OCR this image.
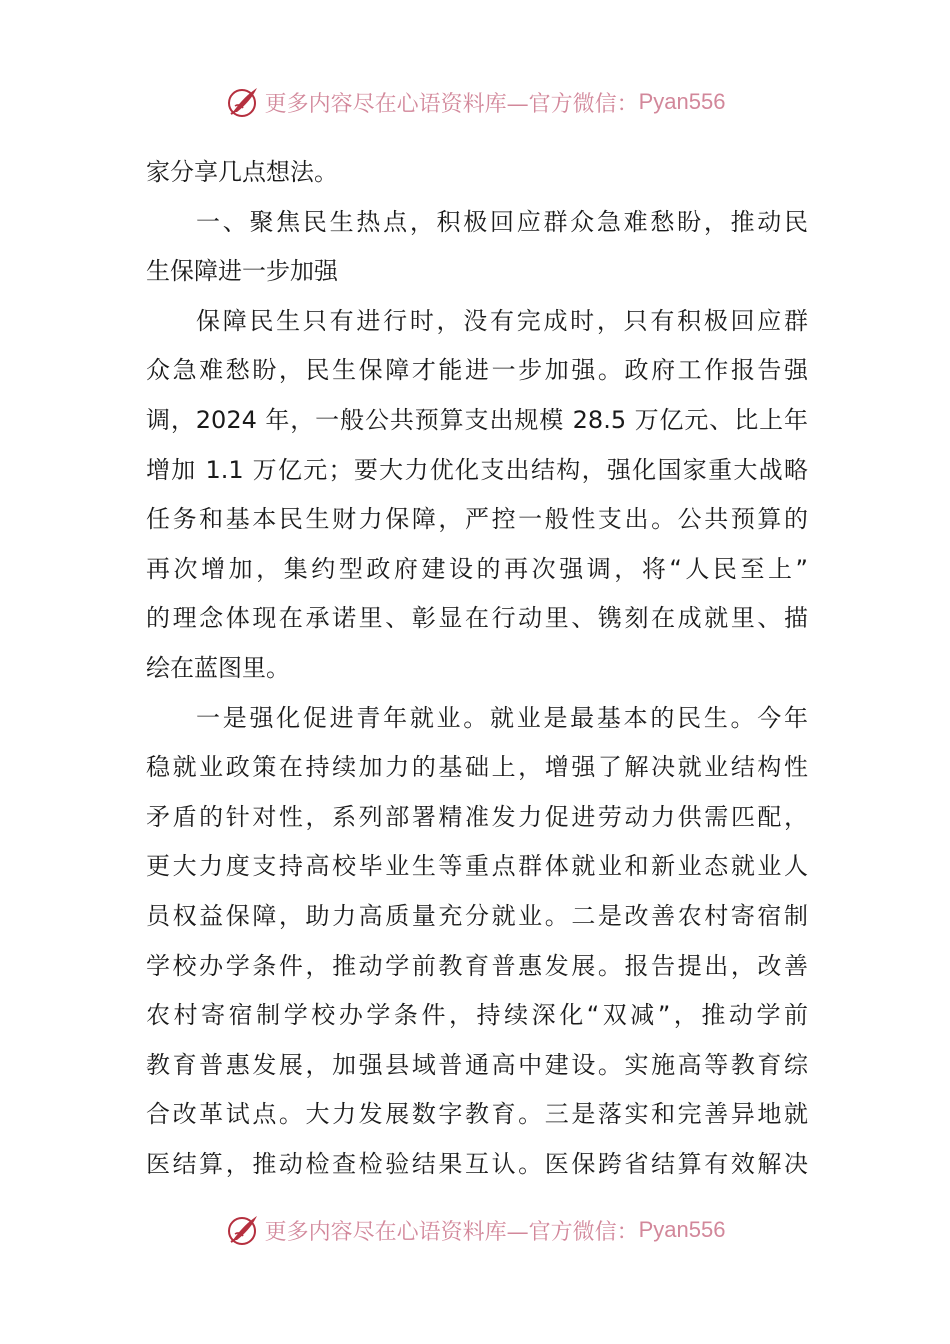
更多内容尽在心语资料库—官方微信： Pyan556
家分享几点想法。
一、聚焦民生热点，积极回应群众急难愁盼，推动民
生保障进一步加强
保障民生只有进行时，没有完成时，只有积极回应群
众急难愁盼，民生保障才能进一步加强。政府工作报告强
调，2024 年，一般公共预算支出规模 28.5 万亿元、比上年
增加 1.1 万亿元；要大力优化支出结构，强化国家重大战略
任务和基本民生财力保障，严控一般性支出。公共预算的
再次增加，集约型政府建设的再次强调，将“人民至上”
的理念体现在承诺里、彰显在行动里、镌刻在成就里、描
绘在蓝图里。
一是强化促进青年就业。就业是最基本的民生。今年
稳就业政策在持续加力的基础上，增强了解决就业结构性
矛盾的针对性，系列部署精准发力促进劳动力供需匹配，
更大力度支持高校毕业生等重点群体就业和新业态就业人
员权益保障，助力高质量充分就业。二是改善农村寄宿制
学校办学条件，推动学前教育普惠发展。报告提出，改善
农村寄宿制学校办学条件，持续深化“双减”，推动学前
教育普惠发展，加强县域普通高中建设。实施高等教育综
合改革试点。大力发展数字教育。三是落实和完善异地就
医结算，推动检查检验结果互认。医保跨省结算有效解决
更多内容尽在心语资料库—官方微信： Pyan556
